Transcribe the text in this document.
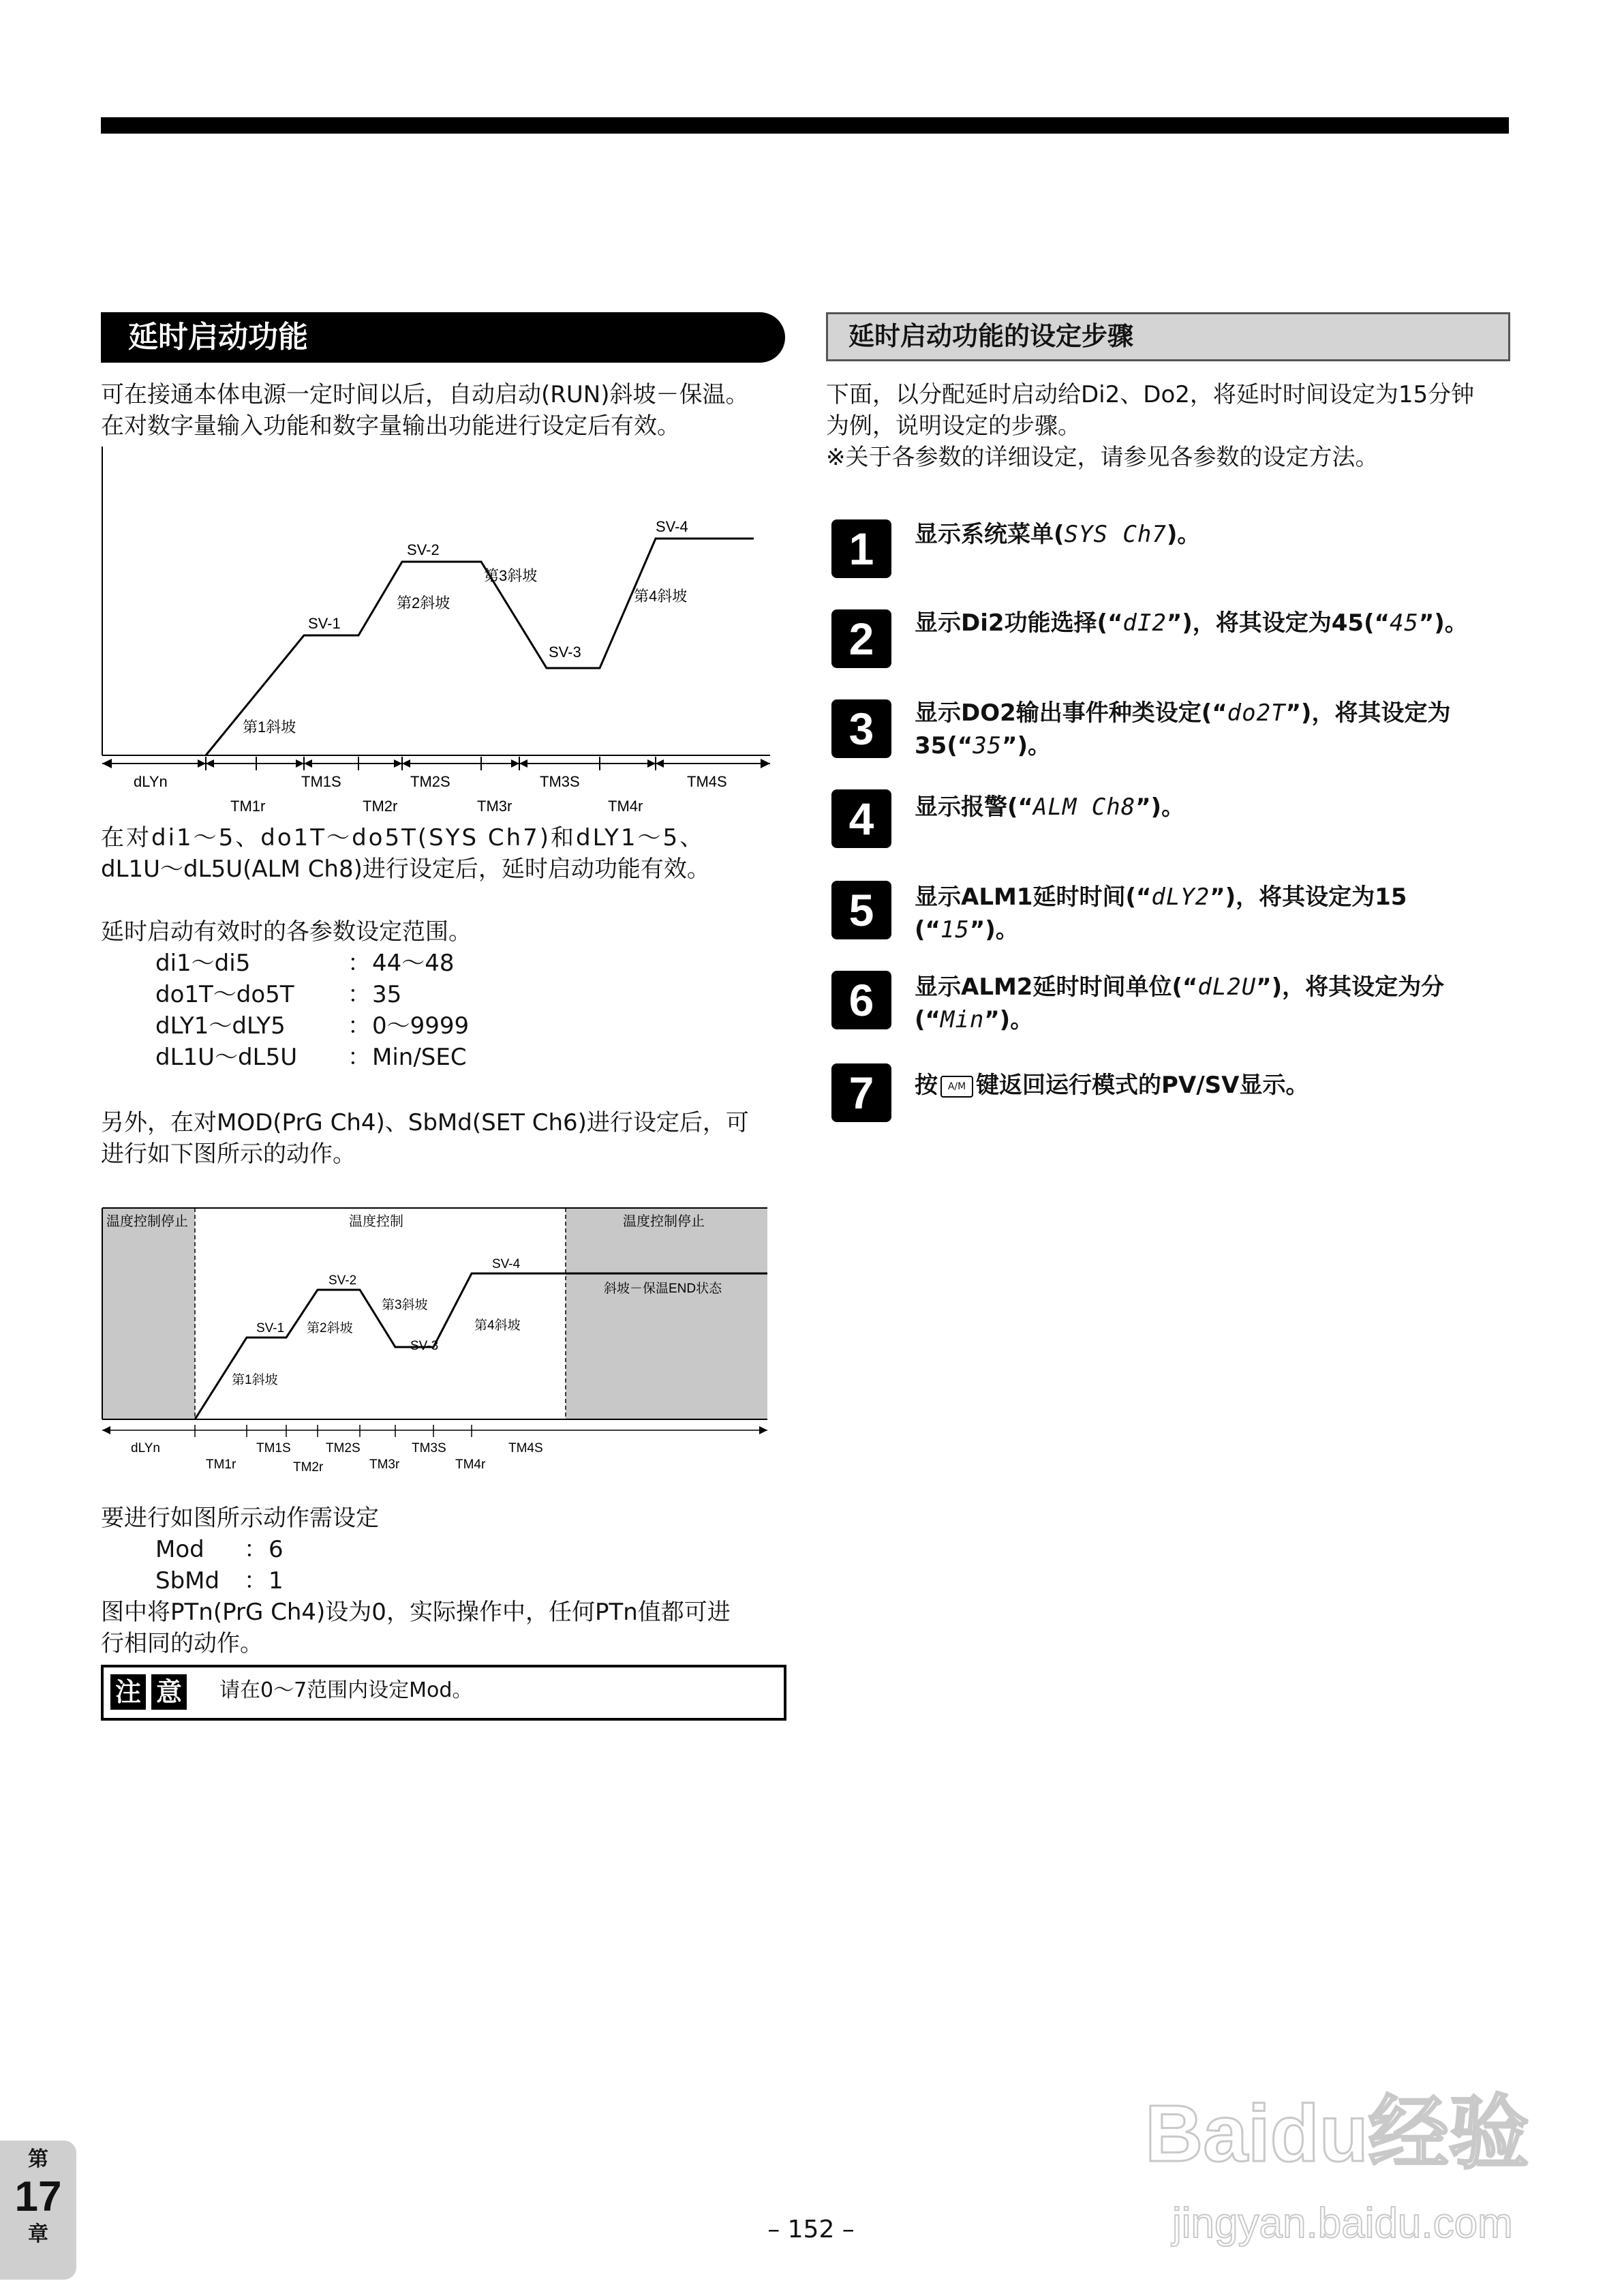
延时启动功能
可在接通本体电源一定时间以后，自动启动(RUN)斜坡－保温。
在对数字量输入功能和数字量输出功能进行设定后有效。
SV-1
SV-2
SV-3
SV-4
第1斜坡
第2斜坡
第3斜坡
第4斜坡
dLYn	TM1S	TM2S	TM3S	TM4S
TM1r	TM2r	TM3r	TM4r
在对di1～5、do1T～do5T(SYS Ch7)和dLY1～5、
dL1U～dL5U(ALM Ch8)进行设定后，延时启动功能有效。
延时启动有效时的各参数设定范围。
di1～di5	： 44～48
do1T～do5T ： 35
dLY1～dLY5	： 0～9999
dL1U～dL5U ： Min/SEC
另外，在对MOD(PrG Ch4)、SbMd(SET Ch6)进行设定后，可
进行如下图所示的动作。
温度控制停止	温度控制	温度控制停止
斜坡－保温END状态
SV-1
SV-2
SV-3
SV-4
第1斜坡
第2斜坡
第3斜坡
第4斜坡
dLYn	TM1S	TM2S	TM3S	TM4S
TM1r	TM2r	TM3r	TM4r
要进行如图所示动作需设定
Mod ： 6
SbMd ： 1
图中将PTn(PrG Ch4)设为0，实际操作中，任何PTn值都可进
行相同的动作。
注 意 请在0～7范围内设定Mod。
延时启动功能的设定步骤
下面，以分配延时启动给Di2、Do2，将延时时间设定为15分钟
为例，说明设定的步骤。
※关于各参数的详细设定，请参见各参数的设定方法。
1	显示系统菜单(SYS Ch7)。
2	显示Di2功能选择(“dI2”)，将其设定为45(“45”)。
3	显示DO2输出事件种类设定(“do2T”)，将其设定为
35(“35”)。
4	显示报警(“ALM Ch8”)。
5	显示ALM1延时时间(“dLY2”)，将其设定为15 (“15”)。
6	显示ALM2延时时间单位(“dL2U”)，将其设定为分
(“Min”)。
7	按 A/M 键返回运行模式的PV/SV显示。
第
17
章	– 152 –
Baidu经验
jingyan.baidu.com
